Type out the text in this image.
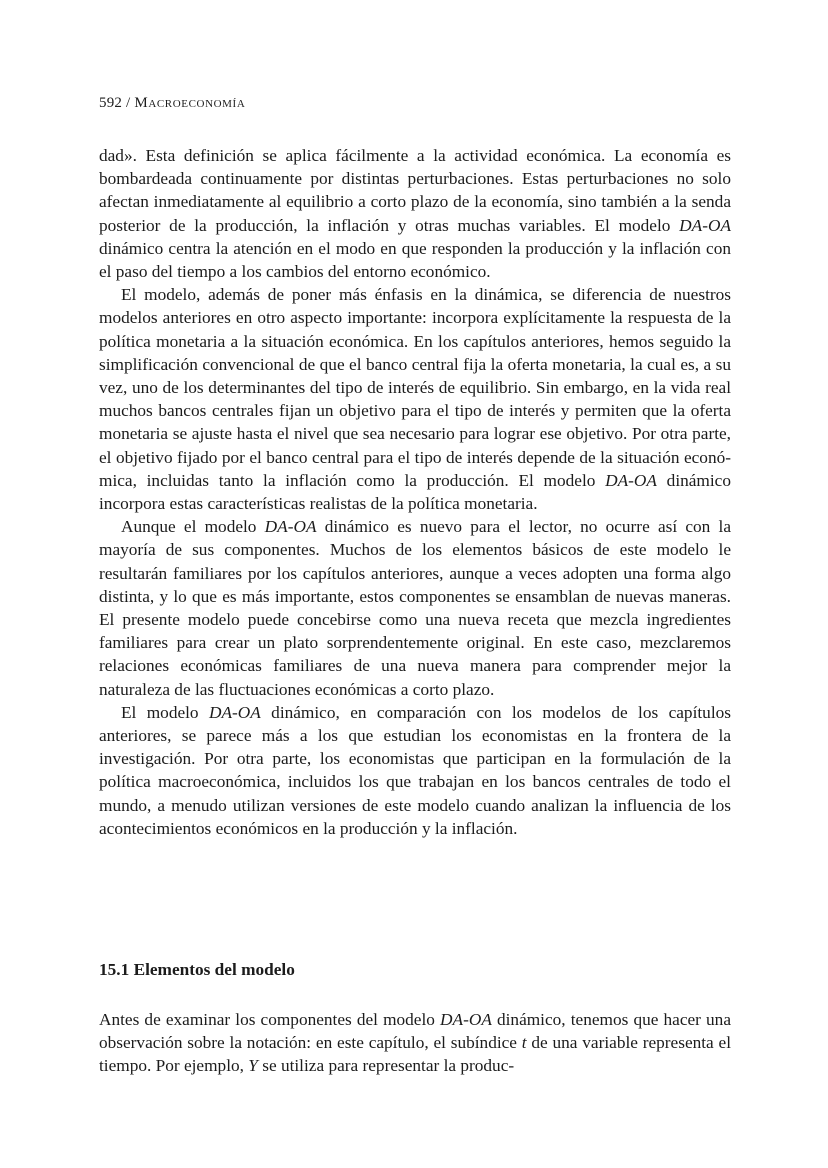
592 / Macroeconomía

dad». Esta definición se aplica fácilmente a la actividad económica. La economía es bombardeada continuamente por distintas perturbaciones. Estas perturbaciones no solo afectan inmediatamente al equilibrio a corto plazo de la economía, sino también a la senda posterior de la producción, la inflación y otras muchas variables. El modelo DA-OA dinámico centra la atención en el modo en que responden la producción y la inflación con el paso del tiempo a los cambios del entorno económico.

El modelo, además de poner más énfasis en la dinámica, se diferencia de nuestros modelos anteriores en otro aspecto importante: incorpora explícitamente la respuesta de la política monetaria a la situación económica. En los capítulos anteriores, hemos seguido la simplificación convencional de que el banco central fija la oferta monetaria, la cual es, a su vez, uno de los determinantes del tipo de interés de equilibrio. Sin embargo, en la vida real muchos bancos centrales fijan un objetivo para el tipo de interés y permiten que la oferta monetaria se ajuste hasta el nivel que sea necesario para lograr ese objetivo. Por otra parte, el objetivo fijado por el banco central para el tipo de interés depende de la situación económica, incluidas tanto la inflación como la producción. El modelo DA-OA dinámico incorpora estas características realistas de la política monetaria.

Aunque el modelo DA-OA dinámico es nuevo para el lector, no ocurre así con la mayoría de sus componentes. Muchos de los elementos básicos de este modelo le resultarán familiares por los capítulos anteriores, aunque a veces adopten una forma algo distinta, y lo que es más importante, estos componentes se ensamblan de nuevas maneras. El presente modelo puede concebirse como una nueva receta que mezcla ingredientes familiares para crear un plato sorprendentemente original. En este caso, mezclaremos relaciones económicas familiares de una nueva manera para comprender mejor la naturaleza de las fluctuaciones económicas a corto plazo.

El modelo DA-OA dinámico, en comparación con los modelos de los capítulos anteriores, se parece más a los que estudian los economistas en la frontera de la investigación. Por otra parte, los economistas que participan en la formulación de la política macroeconómica, incluidos los que trabajan en los bancos centrales de todo el mundo, a menudo utilizan versiones de este modelo cuando analizan la influencia de los acontecimientos económicos en la producción y la inflación.

15.1 Elementos del modelo

Antes de examinar los componentes del modelo DA-OA dinámico, tenemos que hacer una observación sobre la notación: en este capítulo, el subíndice t de una variable representa el tiempo. Por ejemplo, Y se utiliza para representar la produc-
